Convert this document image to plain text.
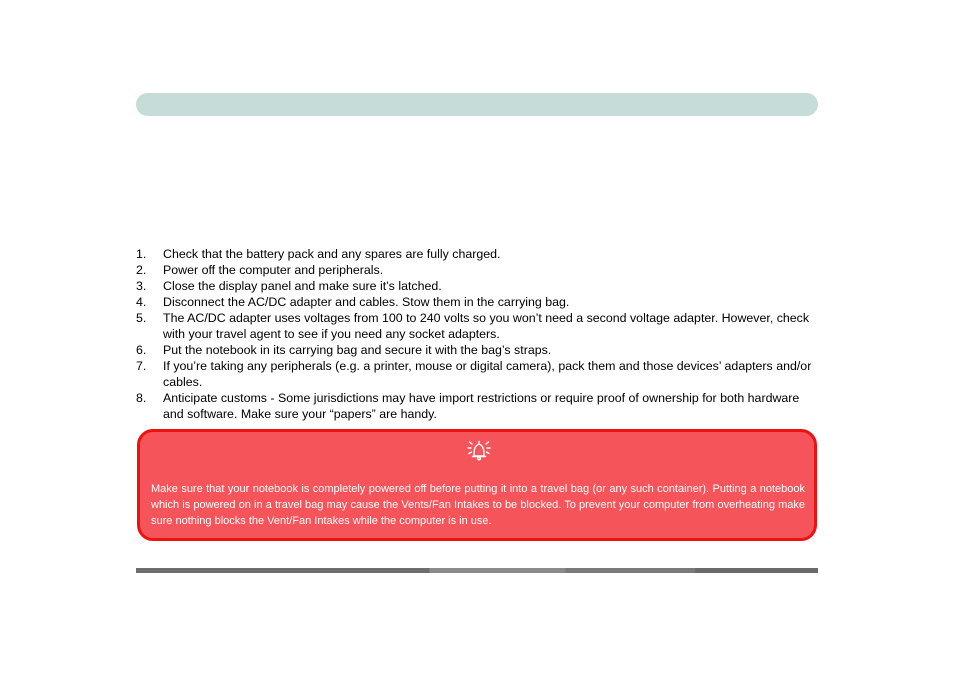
1.	Check that the battery pack and any spares are fully charged.
2.	Power off the computer and peripherals.
3.	Close the display panel and make sure it’s latched.
4.	Disconnect the AC/DC adapter and cables. Stow them in the carrying bag.
5.	The AC/DC adapter uses voltages from 100 to 240 volts so you won’t need a second voltage adapter. However, check with your travel agent to see if you need any socket adapters.
6.	Put the notebook in its carrying bag and secure it with the bag’s straps.
7.	If you’re taking any peripherals (e.g. a printer, mouse or digital camera), pack them and those devices’ adapters and/or cables.
8.	Anticipate customs - Some jurisdictions may have import restrictions or require proof of ownership for both hardware and software. Make sure your “papers” are handy.

Make sure that your notebook is completely powered off before putting it into a travel bag (or any such container). Putting a notebook which is powered on in a travel bag may cause the Vents/Fan Intakes to be blocked. To prevent your computer from overheating make sure nothing blocks the Vent/Fan Intakes while the computer is in use.
